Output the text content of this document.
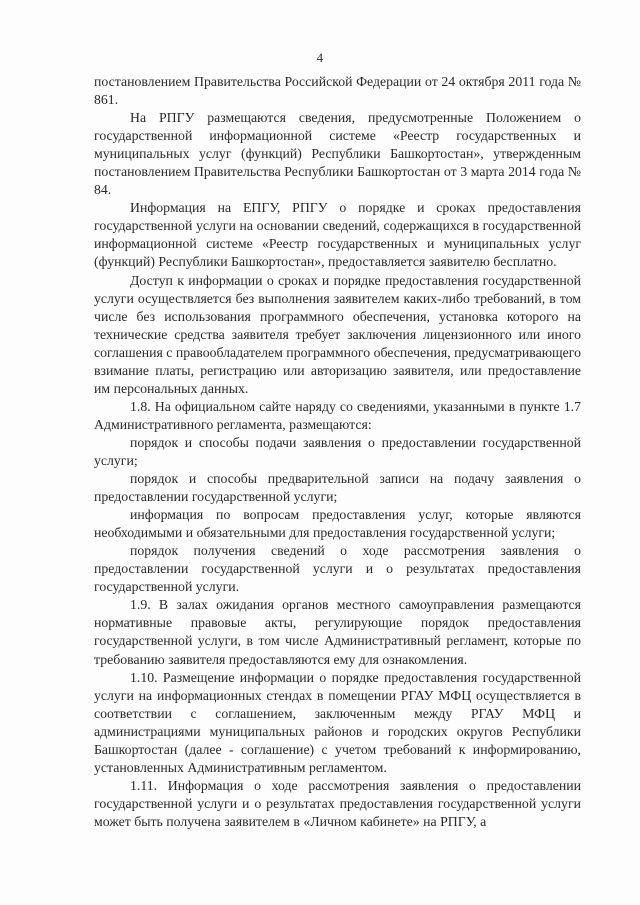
4

постановлением Правительства Российской Федерации от 24 октября 2011 года № 861.

На РПГУ размещаются сведения, предусмотренные Положением о государственной информационной системе «Реестр государственных и муниципальных услуг (функций) Республики Башкортостан», утвержденным постановлением Правительства Республики Башкортостан от 3 марта 2014 года № 84.

Информация на ЕПГУ, РПГУ о порядке и сроках предоставления государственной услуги на основании сведений, содержащихся в государственной информационной системе «Реестр государственных и муниципальных услуг (функций) Республики Башкортостан», предоставляется заявителю бесплатно.

Доступ к информации о сроках и порядке предоставления государственной услуги осуществляется без выполнения заявителем каких-либо требований, в том числе без использования программного обеспечения, установка которого на технические средства заявителя требует заключения лицензионного или иного соглашения с правообладателем программного обеспечения, предусматривающего взимание платы, регистрацию или авторизацию заявителя, или предоставление им персональных данных.

1.8. На официальном сайте наряду со сведениями, указанными в пункте 1.7 Административного регламента, размещаются:

порядок и способы подачи заявления о предоставлении государственной услуги;

порядок и способы предварительной записи на подачу заявления о предоставлении государственной услуги;

информация по вопросам предоставления услуг, которые являются необходимыми и обязательными для предоставления государственной услуги;

порядок получения сведений о ходе рассмотрения заявления о предоставлении государственной услуги и о результатах предоставления государственной услуги.

1.9. В залах ожидания органов местного самоуправления размещаются нормативные правовые акты, регулирующие порядок предоставления государственной услуги, в том числе Административный регламент, которые по требованию заявителя предоставляются ему для ознакомления.

1.10. Размещение информации о порядке предоставления государственной услуги на информационных стендах в помещении РГАУ МФЦ осуществляется в соответствии с соглашением, заключенным между РГАУ МФЦ и администрациями муниципальных районов и городских округов Республики Башкортостан (далее - соглашение) с учетом требований к информированию, установленных Административным регламентом.

1.11. Информация о ходе рассмотрения заявления о предоставлении государственной услуги и о результатах предоставления государственной услуги может быть получена заявителем в «Личном кабинете» на РПГУ, а
